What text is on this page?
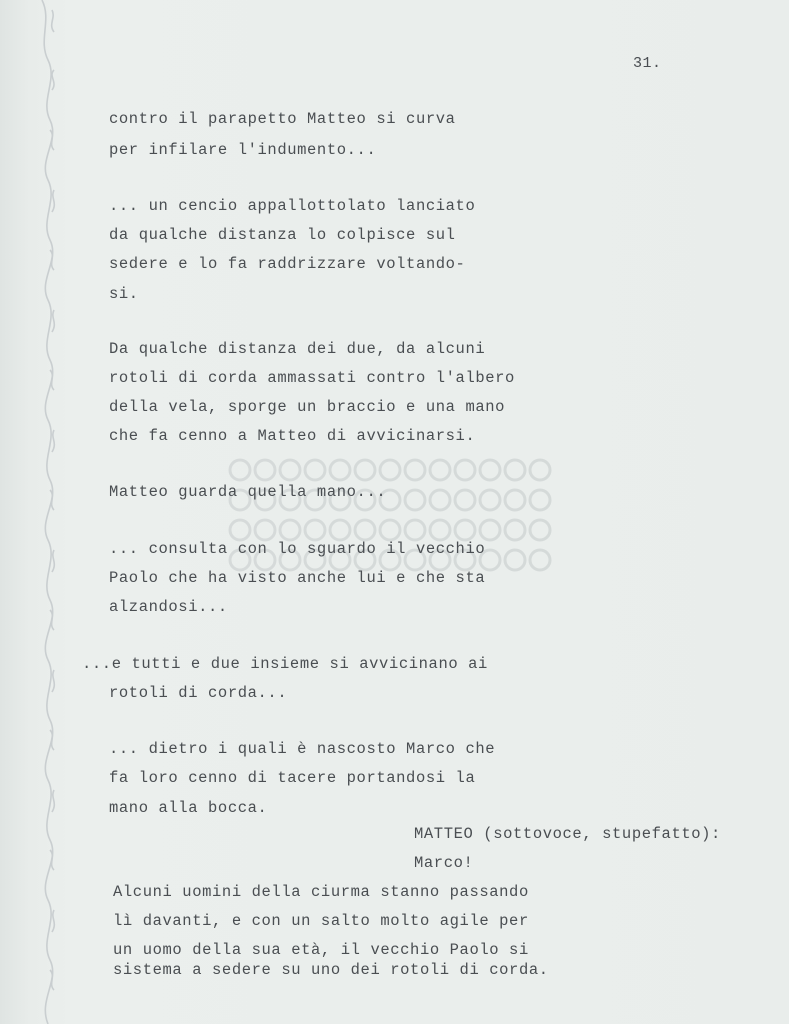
31.
contro il parapetto Matteo si curva
per infilare l'indumento...
... un cencio appallottolato lanciato
da qualche distanza lo colpisce sul
sedere e lo fa raddrizzare voltando-
si.
Da qualche distanza dei due, da alcuni
rotoli di corda ammassati contro l'albero
della vela, sporge un braccio e una mano
che fa cenno a Matteo di avvicinarsi.
Matteo guarda quella mano...
... consulta con lo sguardo il vecchio
Paolo che ha visto anche lui e che sta
alzandosi...
...e tutti e due insieme si avvicinano ai
rotoli di corda...
... dietro i quali è nascosto Marco che
fa loro cenno di tacere portandosi la
mano alla bocca.
MATTEO (sottovoce, stupefatto):
Marco!
Alcuni uomini della ciurma stanno passando
lì davanti, e con un salto molto agile per
un uomo della sua età, il vecchio Paolo si
sistema a sedere su uno dei rotoli di corda.
